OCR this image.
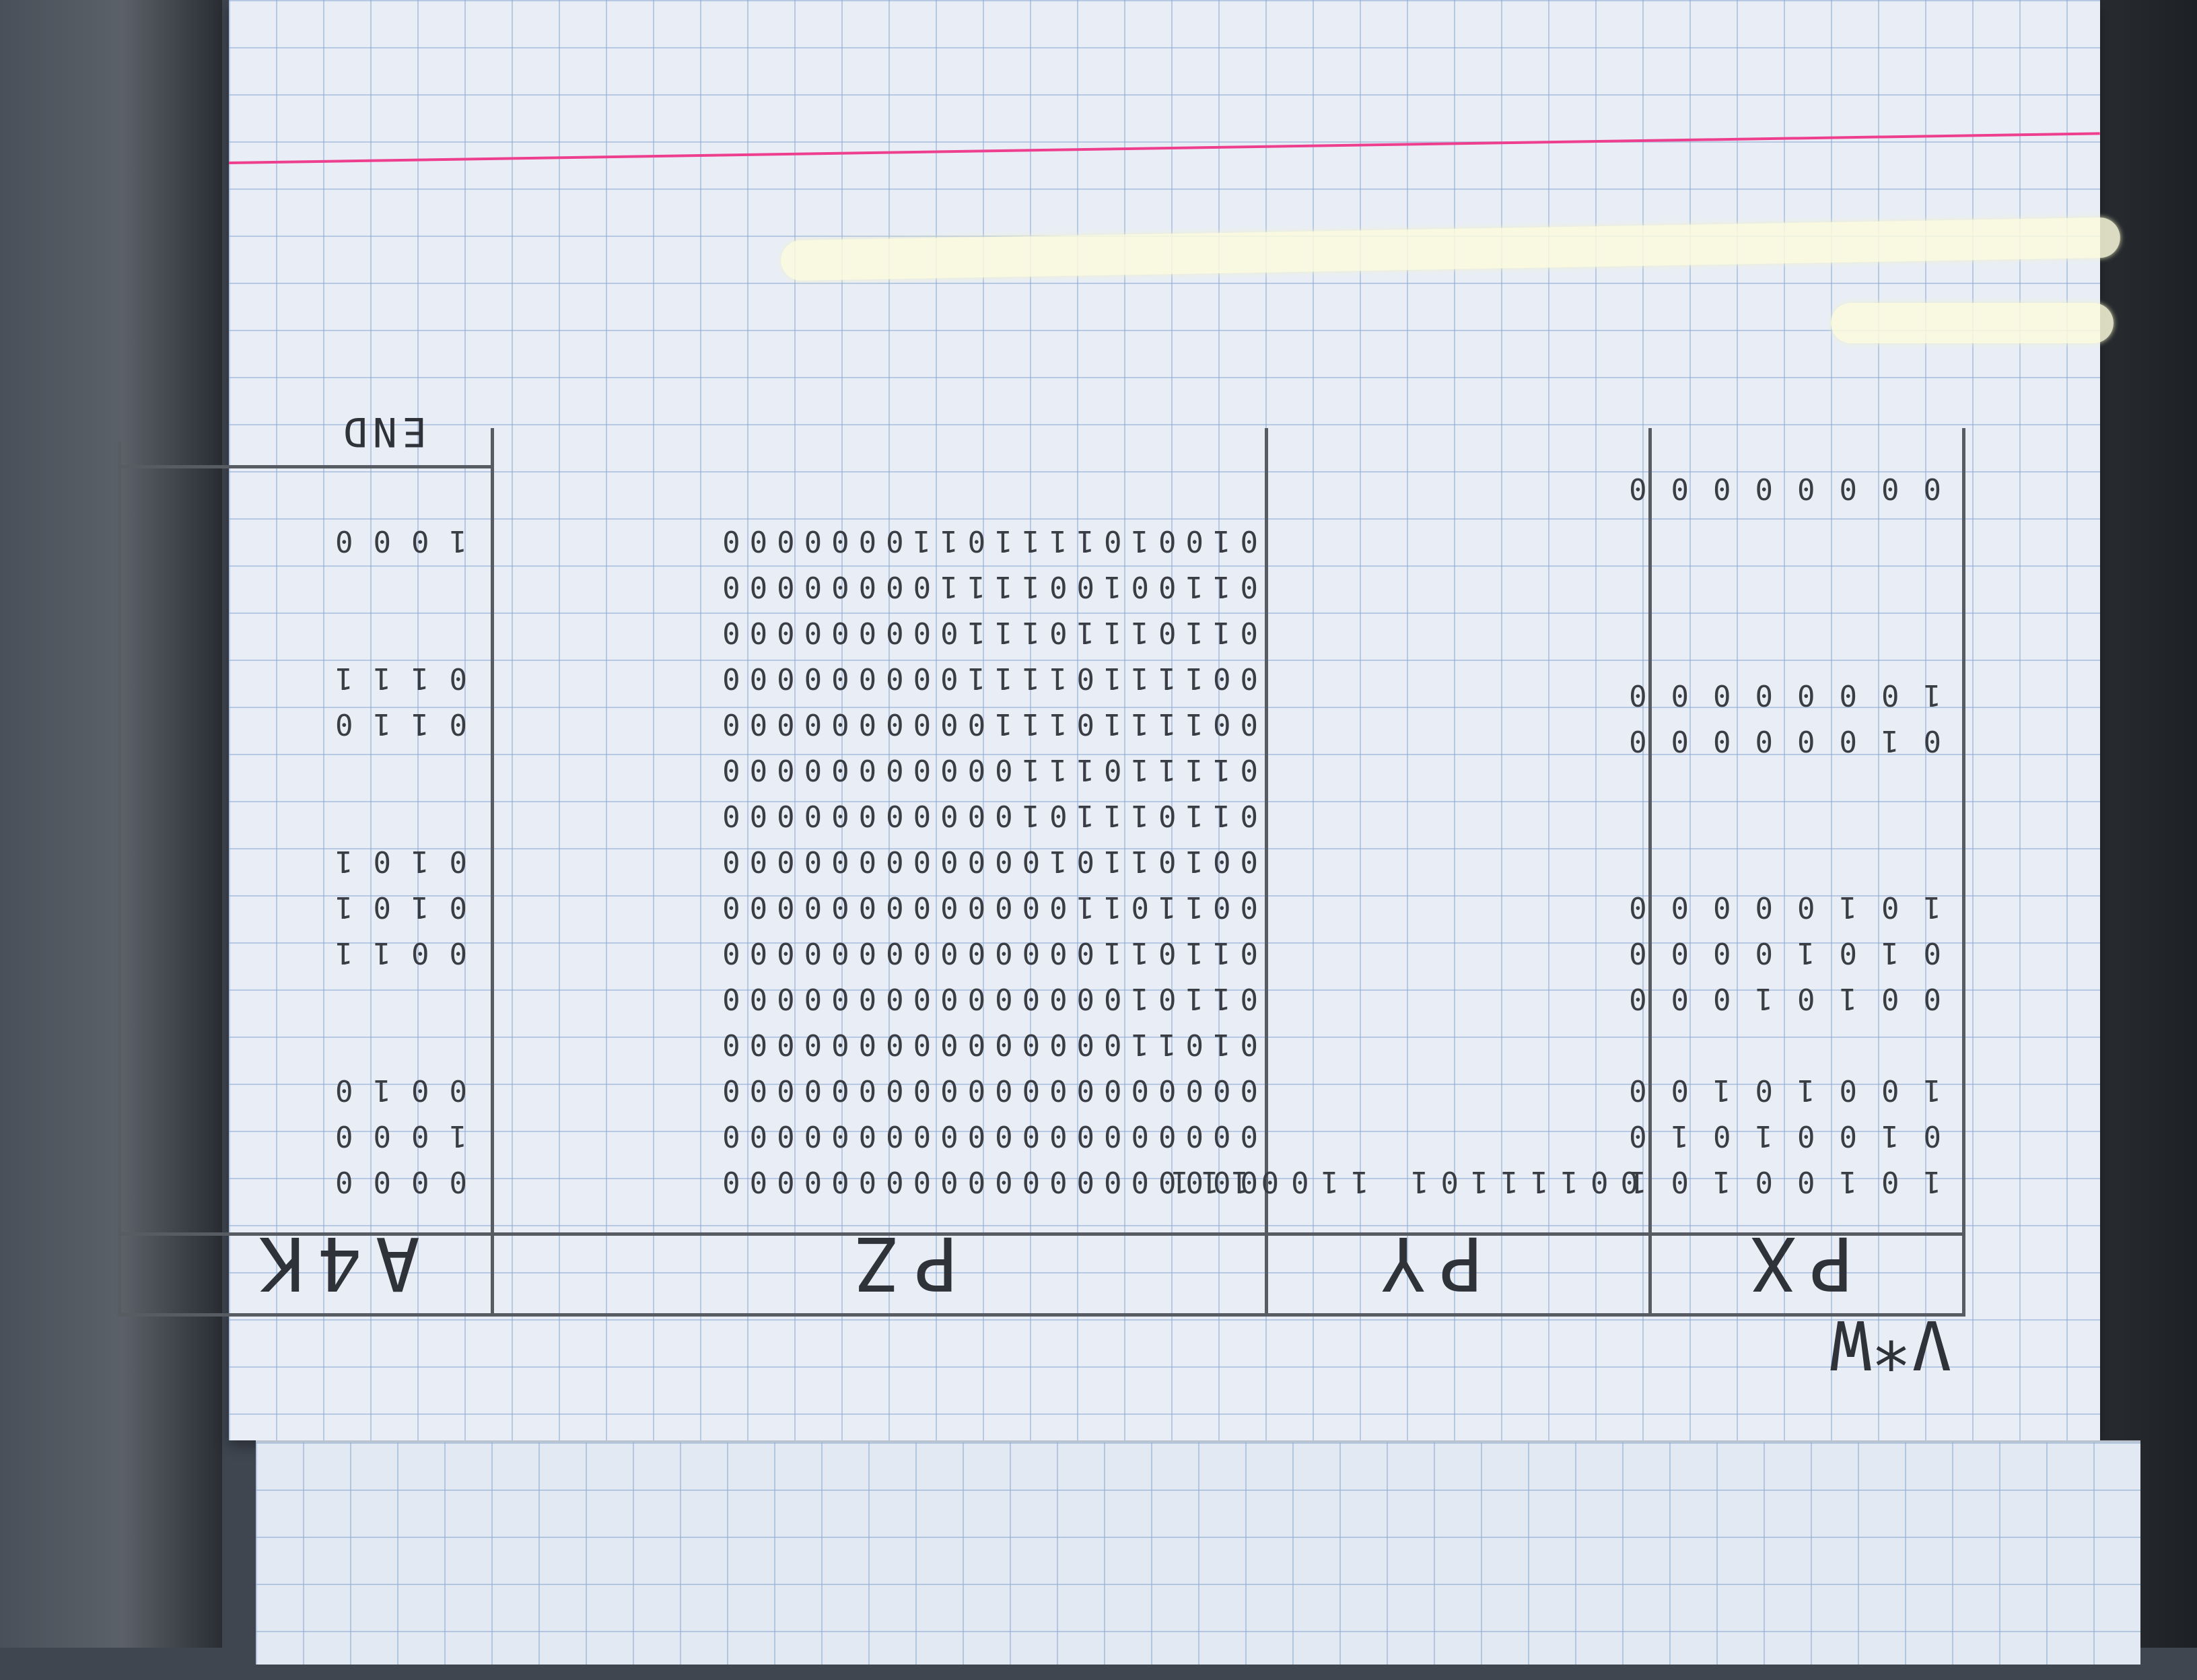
V*W
PX
PY
PZ
A4K
10100101
01001010
10010100
00101000
01010000
10100000
01000000
10000000
00000000
00111101 1100111
00000000000000000000
00000000000000000000
00000000000000000000
01011000000000000000
01101000000000000000
01101100000000000000
00110110000000000000
00101101000000000000
01101110100000000000
01111011100000000000
00111101110000000000
00111101111000000000
01101110111000000000
01100100111100000000
01001011110110000000
0000
1000
0010
0011
0101
0101
0110
0111
1000
END
